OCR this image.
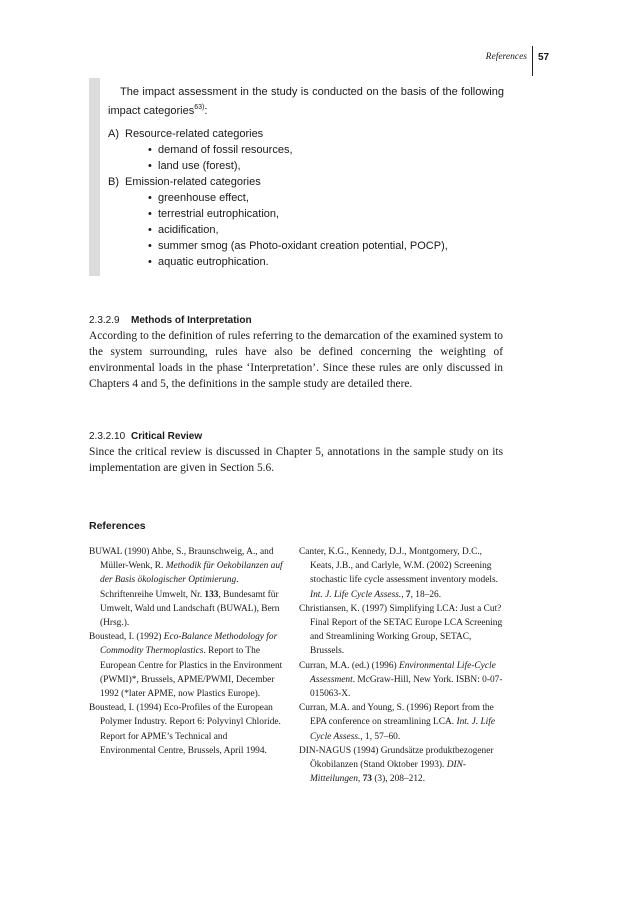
References 57

The impact assessment in the study is conducted on the basis of the following impact categories$^{63)}$:

A) Resource-related categories
• demand of fossil resources,
• land use (forest),
B) Emission-related categories
• greenhouse effect,
• terrestrial eutrophication,
• acidification,
• summer smog (as Photo-oxidant creation potential, POCP),
• aquatic eutrophication.
2.3.2.9 Methods of Interpretation

According to the definition of rules referring to the demarcation of the examined system to the system surrounding, rules have also be defined concerning the weighting of environmental loads in the phase ‘Interpretation’. Since these rules are only discussed in Chapters 4 and 5, the definitions in the sample study are detailed there.

2.3.2.10 Critical Review

Since the critical review is discussed in Chapter 5, annotations in the sample study on its implementation are given in Section 5.6.

References

BUWAL (1990) Ahbe, S., Braunschweig, A., and Müller-Wenk, R. Methodik für Oekobilanzen auf der Basis ökologischer Optimierung. Schriftenreihe Umwelt, Nr. 133, Bundesamt für Umwelt, Wald und Landschaft (BUWAL), Bern (Hrsg.).

Boustead, I. (1992) Eco-Balance Methodology for Commodity Thermoplastics. Report to The European Centre for Plastics in the Environment (PWMI)*, Brussels, APME/PWMI, December 1992 (*later APME, now Plastics Europe).

Boustead, I. (1994) Eco-Profiles of the European Polymer Industry. Report 6: Polyvinyl Chloride. Report for APME’s Technical and Environmental Centre, Brussels, April 1994.

Canter, K.G., Kennedy, D.J., Montgomery, D.C., Keats, J.B., and Carlyle, W.M. (2002) Screening stochastic life cycle assessment inventory models. Int. J. Life Cycle Assess., 7, 18–26.

Christiansen, K. (1997) Simplifying LCA: Just a Cut? Final Report of the SETAC Europe LCA Screening and Streamlining Working Group, SETAC, Brussels.

Curran, M.A. (ed.) (1996) Environmental Life-Cycle Assessment. McGraw-Hill, New York. ISBN: 0-07-015063-X.

Curran, M.A. and Young, S. (1996) Report from the EPA conference on streamlining LCA. Int. J. Life Cycle Assess., 1, 57–60.

DIN-NAGUS (1994) Grundsätze produktbezogener Ökobilanzen (Stand Oktober 1993). DIN-Mitteilungen, 73 (3), 208–212.
